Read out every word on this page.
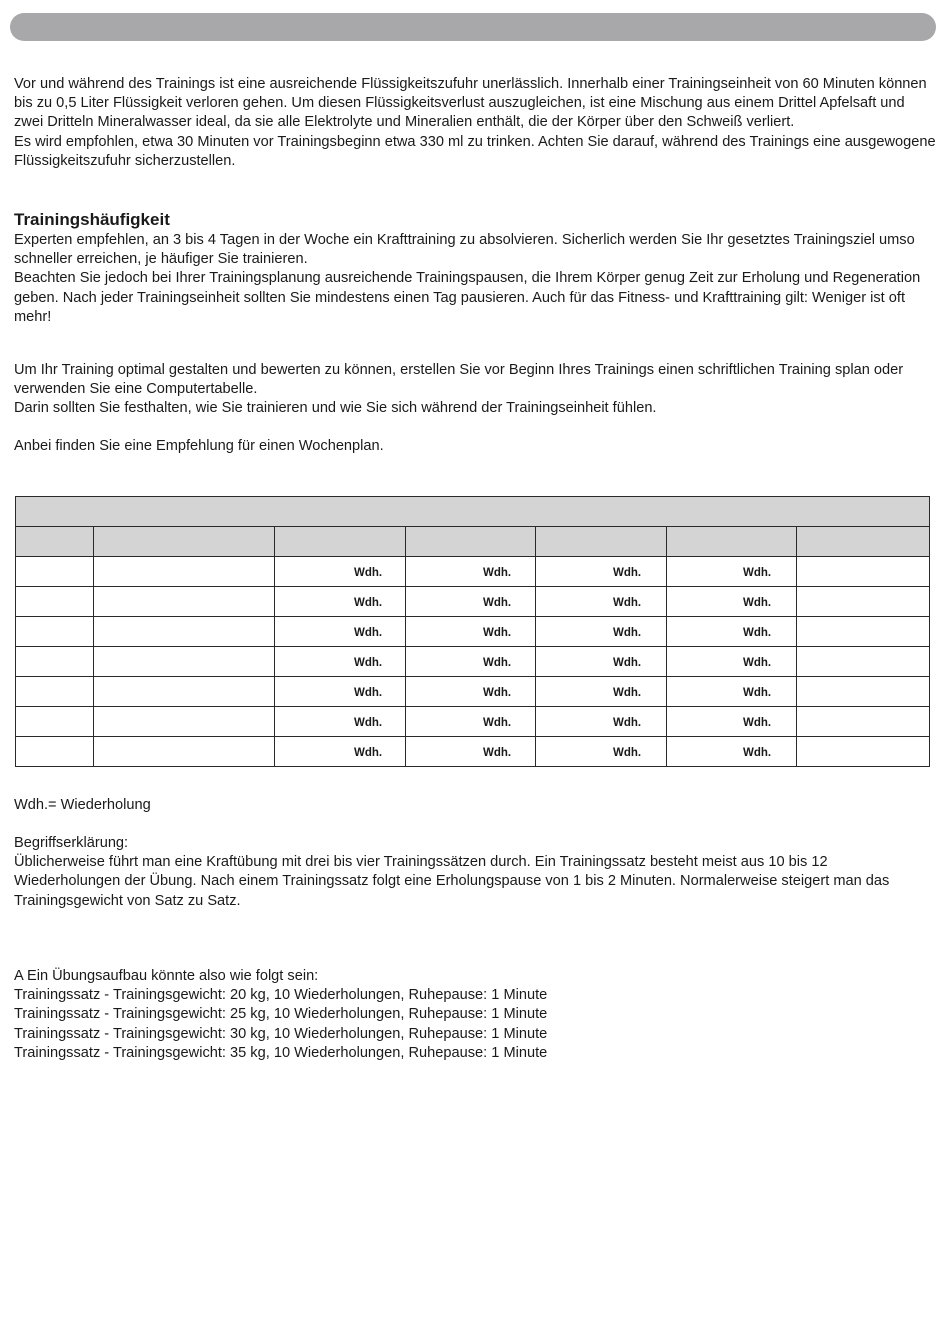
Vor und während des Trainings ist eine ausreichende Flüssigkeitszufuhr unerlässlich. Innerhalb einer Trainingseinheit von 60 Minuten können bis zu 0,5 Liter Flüssigkeit verloren gehen. Um diesen Flüssigkeitsverlust auszugleichen, ist eine Mischung aus einem Drittel Apfelsaft und zwei Dritteln Mineralwasser ideal, da sie alle Elektrolyte und Mineralien enthält, die der Körper über den Schweiß verliert.

Es wird empfohlen, etwa 30 Minuten vor Trainingsbeginn etwa 330 ml zu trinken. Achten Sie darauf, während des Trainings eine ausgewogene Flüssigkeitszufuhr sicherzustellen.

Trainingshäufigkeit

Experten empfehlen, an 3 bis 4 Tagen in der Woche ein Krafttraining zu absolvieren. Sicherlich werden Sie Ihr gesetztes Trainingsziel umso schneller erreichen, je häufiger Sie trainieren.

Beachten Sie jedoch bei Ihrer Trainingsplanung ausreichende Trainingspausen, die Ihrem Körper genug Zeit zur Erholung und Regeneration geben. Nach jeder Trainingseinheit sollten Sie mindestens einen Tag pausieren. Auch für das Fitness- und Krafttraining gilt: Weniger ist oft mehr!

Um Ihr Training optimal gestalten und bewerten zu können, erstellen Sie vor Beginn Ihres Trainings einen schriftlichen Training splan oder verwenden Sie eine Computertabelle.

Darin sollten Sie festhalten, wie Sie trainieren und wie Sie sich während der Trainingseinheit fühlen.

Anbei finden Sie eine Empfehlung für einen Wochenplan.

		Wdh.	Wdh.	Wdh.	Wdh.	

		Wdh.	Wdh.	Wdh.	Wdh.	

		Wdh.	Wdh.	Wdh.	Wdh.	

		Wdh.	Wdh.	Wdh.	Wdh.	

		Wdh.	Wdh.	Wdh.	Wdh.	

		Wdh.	Wdh.	Wdh.	Wdh.	

		Wdh.	Wdh.	Wdh.	Wdh.	

Wdh.= Wiederholung

Begriffserklärung:

Üblicherweise führt man eine Kraftübung mit drei bis vier Trainingssätzen durch. Ein Trainingssatz besteht meist aus 10 bis 12 Wiederholungen der Übung. Nach einem Trainingssatz folgt eine Erholungspause von 1 bis 2 Minuten. Normalerweise steigert man das Trainingsgewicht von Satz zu Satz.

A Ein Übungsaufbau könnte also wie folgt sein:

Trainingssatz - Trainingsgewicht: 20 kg, 10 Wiederholungen, Ruhepause: 1 Minute

Trainingssatz - Trainingsgewicht: 25 kg, 10 Wiederholungen, Ruhepause: 1 Minute

Trainingssatz - Trainingsgewicht: 30 kg, 10 Wiederholungen, Ruhepause: 1 Minute

Trainingssatz - Trainingsgewicht: 35 kg, 10 Wiederholungen, Ruhepause: 1 Minute
